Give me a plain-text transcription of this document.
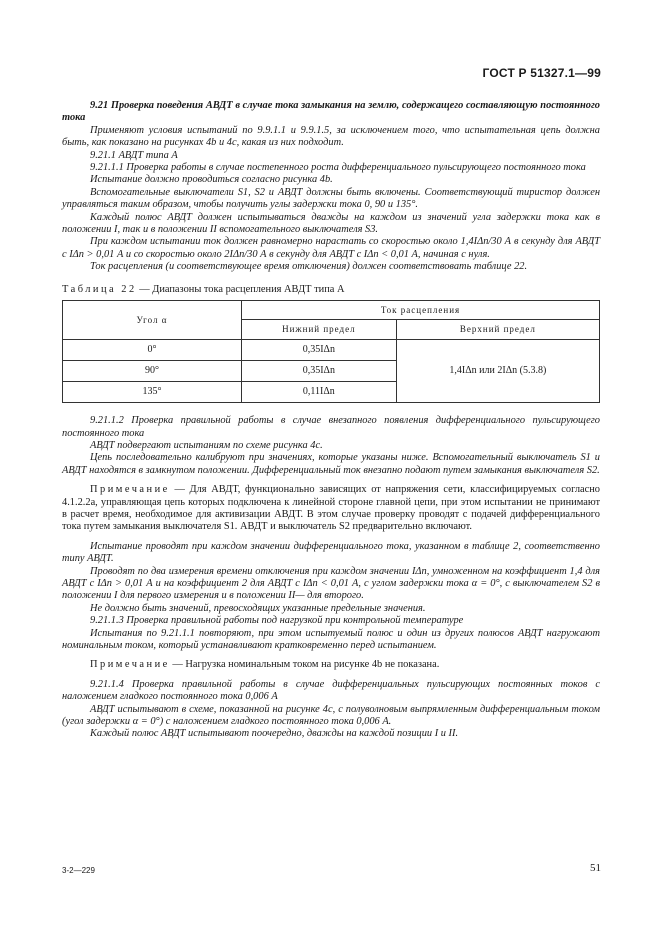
ГОСТ Р 51327.1—99

9.21 Проверка поведения АВДТ в случае тока замыкания на землю, содержащего составляющую постоянного тока

Применяют условия испытаний по 9.9.1.1 и 9.9.1.5, за исключением того, что испытательная цепь должна быть, как показано на рисунках 4b и 4c, какая из них подходит.

9.21.1 АВДТ типа А

9.21.1.1 Проверка работы в случае постепенного роста дифференциального пульсирующего постоянного тока

Испытание должно проводиться согласно рисунка 4b.

Вспомогательные выключатели S1, S2 и АВДТ должны быть включены. Соответствующий тиристор должен управляться таким образом, чтобы получить углы задержки тока 0, 90 и 135°.

Каждый полюс АВДТ должен испытываться дважды на каждом из значений угла задержки тока как в положении I, так и в положении II вспомогательного выключателя S3.

При каждом испытании ток должен равномерно нарастать со скоростью около 1,4IΔn/30 А в секунду для АВДТ с IΔn > 0,01 А и со скоростью около 2IΔn/30 А в секунду для АВДТ с IΔn < 0,01 А, начиная с нуля.

Ток расцепления (и соответствующее время отключения) должен соответствовать таблице 22.

Таблица 22 — Диапазоны тока расцепления АВДТ типа А

Угол α	Ток расцепления	
	Нижний предел	Верхний предел
0°	0,35IΔn	1,4IΔn или 2IΔn (5.3.8)
90°	0,35IΔn	
135°	0,11IΔn	

9.21.1.2 Проверка правильной работы в случае внезапного появления дифференциального пульсирующего постоянного тока

АВДТ подвергают испытаниям по схеме рисунка 4c.

Цепь последовательно калибруют при значениях, которые указаны ниже. Вспомогательный выключатель S1 и АВДТ находятся в замкнутом положении. Дифференциальный ток внезапно подают путем замыкания выключателя S2.

Примечание — Для АВДТ, функционально зависящих от напряжения сети, классифицируемых согласно 4.1.2.2а, управляющая цепь которых подключена к линейной стороне главной цепи, при этом испытании не принимают в расчет время, необходимое для активизации АВДТ. В этом случае проверку проводят с подачей дифференциального тока путем замыкания выключателя S1. АВДТ и выключатель S2 предварительно включают.

Испытание проводят при каждом значении дифференциального тока, указанном в таблице 2, соответственно типу АВДТ.

Проводят по два измерения времени отключения при каждом значении IΔn, умноженном на коэффициент 1,4 для АВДТ с IΔn > 0,01 А и на коэффициент 2 для АВДТ с IΔn < 0,01 А, с углом задержки тока α = 0°, с выключателем S2 в положении I для первого измерения и в положении II— для второго.

Не должно быть значений, превосходящих указанные предельные значения.

9.21.1.3 Проверка правильной работы под нагрузкой при контрольной температуре

Испытания по 9.21.1.1 повторяют, при этом испытуемый полюс и один из других полюсов АВДТ нагружают номинальным током, который устанавливают кратковременно перед испытанием.

Примечание — Нагрузка номинальным током на рисунке 4b не показана.

9.21.1.4 Проверка правильной работы в случае дифференциальных пульсирующих постоянных токов с наложением гладкого постоянного тока 0,006 А

АВДТ испытывают в схеме, показанной на рисунке 4c, с полуволновым выпрямленным дифференциальным током (угол задержки α = 0°) с наложением гладкого постоянного тока 0,006 А.

Каждый полюс АВДТ испытывают поочередно, дважды на каждой позиции I и II.

3-2—229	51
